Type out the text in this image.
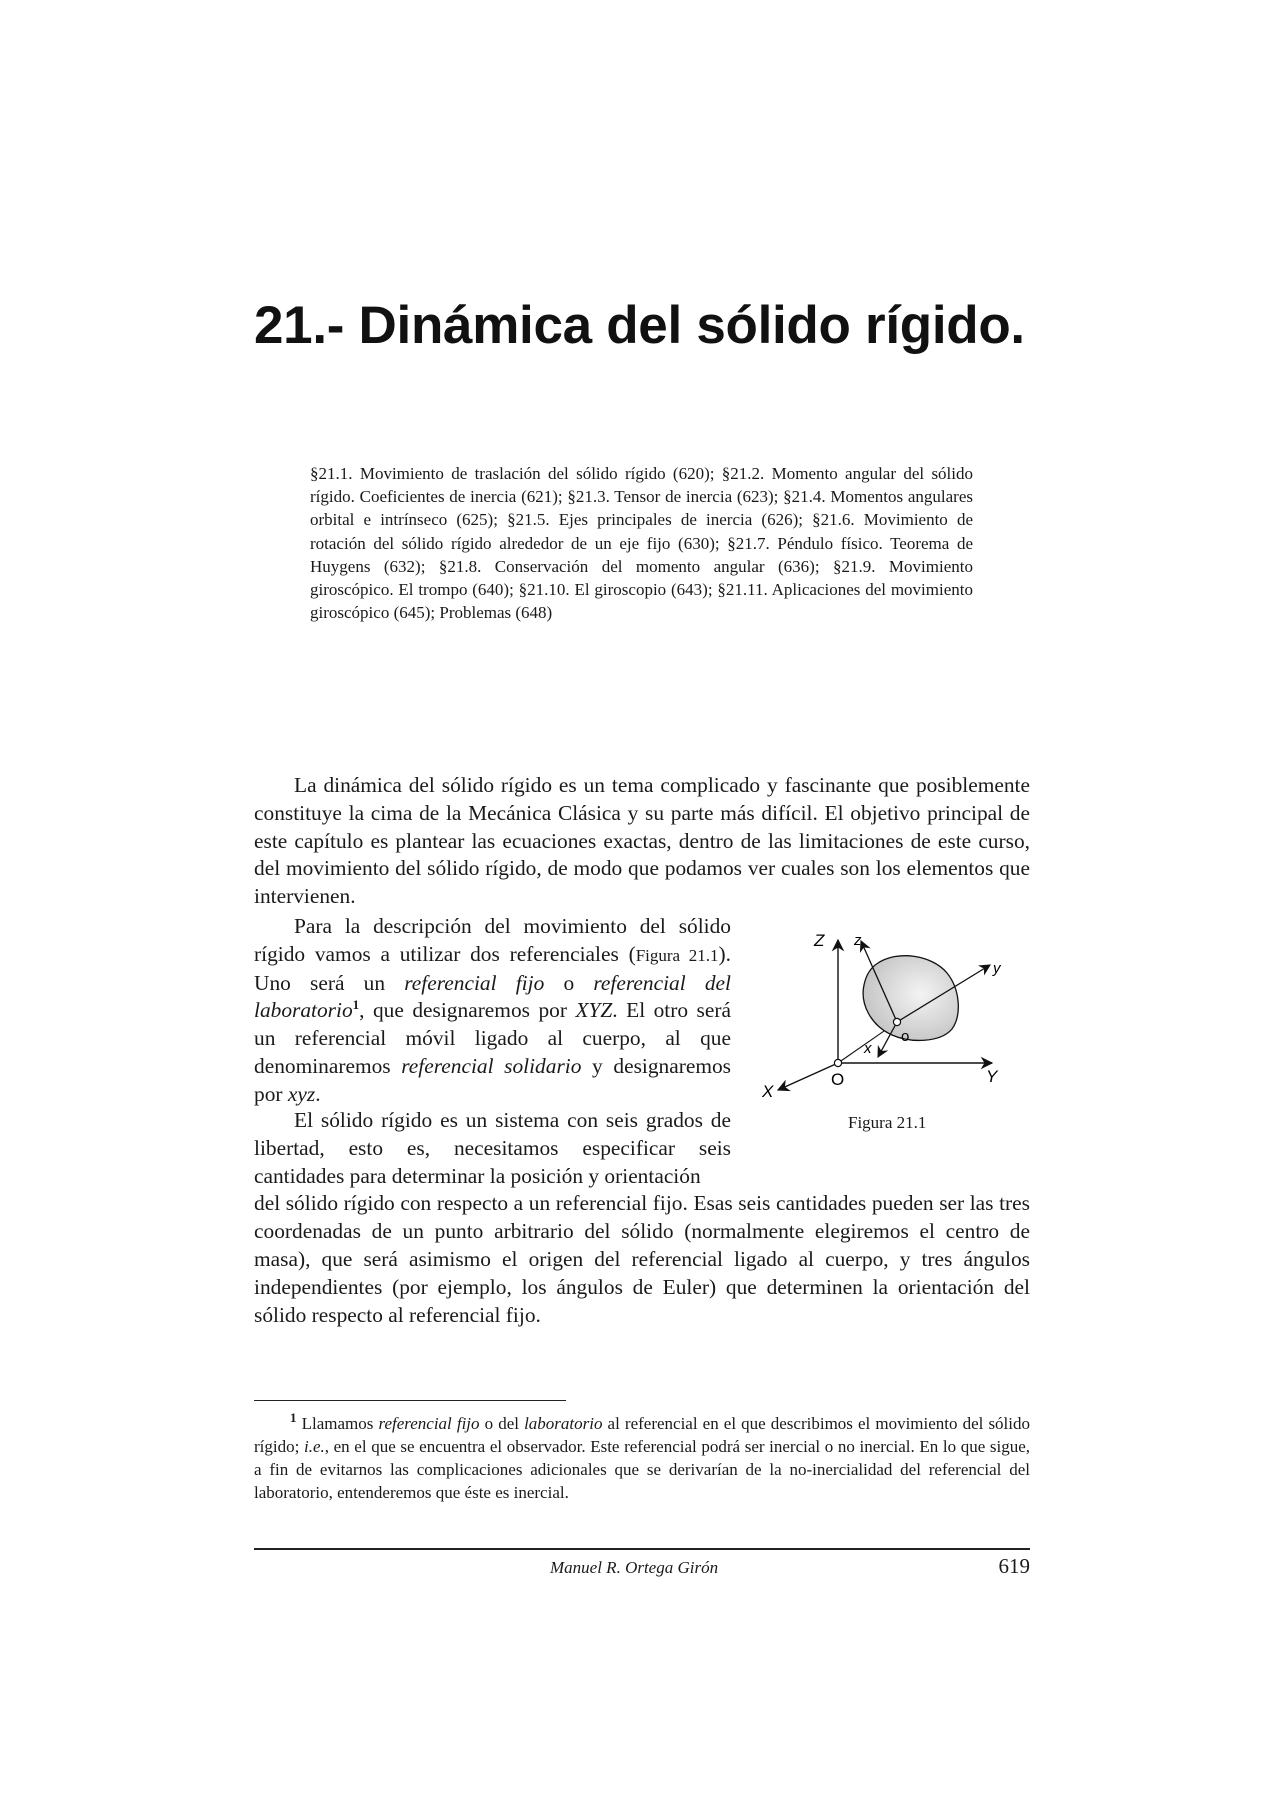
21.- Dinámica del sólido rígido.
§21.1. Movimiento de traslación del sólido rígido (620); §21.2. Momento angular del sólido rígido. Coeficientes de inercia (621); §21.3. Tensor de inercia (623); §21.4. Momentos angulares orbital e intrínseco (625); §21.5. Ejes principales de inercia (626); §21.6. Movimiento de rotación del sólido rígido alrededor de un eje fijo (630); §21.7. Péndulo físico. Teorema de Huygens (632); §21.8. Conservación del momento angular (636); §21.9. Movimiento giroscópico. El trompo (640); §21.10. El giroscopio (643); §21.11. Aplicaciones del movimiento giroscópico (645); Problemas (648)

La dinámica del sólido rígido es un tema complicado y fascinante que posiblemente constituye la cima de la Mecánica Clásica y su parte más difícil. El objetivo principal de este capítulo es plantear las ecuaciones exactas, dentro de las limitaciones de este curso, del movimiento del sólido rígido, de modo que podamos ver cuales son los elementos que intervienen.

Para la descripción del movimiento del sólido rígido vamos a utilizar dos referenciales (Figura 21.1). Uno será un referencial fijo o referencial del laboratorio$^1$, que designaremos por XYZ. El otro será un referencial móvil ligado al cuerpo, al que denominaremos referencial solidario y designaremos por xyz.

El sólido rígido es un sistema con seis grados de libertad, esto es, necesitamos especificar seis cantidades para determinar la posición y orientación

del sólido rígido con respecto a un referencial fijo. Esas seis cantidades pueden ser las tres coordenadas de un punto arbitrario del sólido (normalmente elegiremos el centro de masa), que será asimismo el origen del referencial ligado al cuerpo, y tres ángulos independientes (por ejemplo, los ángulos de Euler) que determinen la orientación del sólido respecto al referencial fijo.

Z z
y
o
x
Y
X
O
Figura 21.1
$^1$ Llamamos referencial fijo o del laboratorio al referencial en el que describimos el movimiento del sólido rígido; i.e., en el que se encuentra el observador. Este referencial podrá ser inercial o no inercial. En lo que sigue, a fin de evitarnos las complicaciones adicionales que se derivarían de la no-inercialidad del referencial del laboratorio, entenderemos que éste es inercial.
Manuel R. Ortega Girón	619
